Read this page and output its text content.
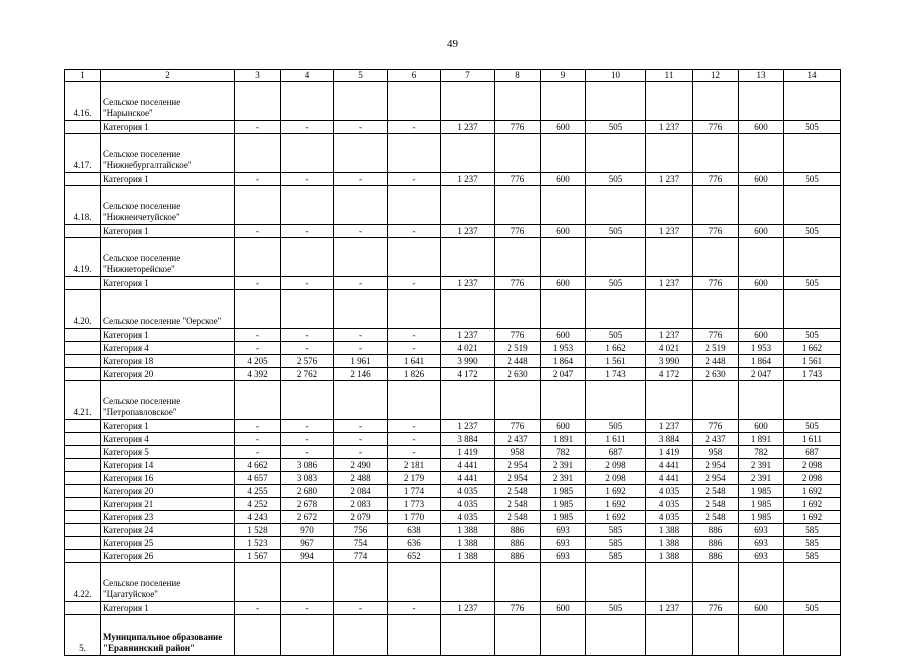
49
1	2	3	4	5	6	7	8	9	10	11	12	13	14
4.16.	Сельское поселение "Нарынское"												
	Категория 1	-	-	-	-	1 237	776	600	505	1 237	776	600	505
4.17.	Сельское поселение "Нижнебургалтайское"												
	Категория 1	-	-	-	-	1 237	776	600	505	1 237	776	600	505
4.18.	Сельское поселение "Нижнеичетуйское"												
	Категория 1	-	-	-	-	1 237	776	600	505	1 237	776	600	505
4.19.	Сельское поселение "Нижнеторейское"												
	Категория 1	-	-	-	-	1 237	776	600	505	1 237	776	600	505
4.20.	Сельское поселение "Оерское"												
	Категория 1	-	-	-	-	1 237	776	600	505	1 237	776	600	505
	Категория 4	-	-	-	-	4 021	2 519	1 953	1 662	4 021	2 519	1 953	1 662
	Категория 18	4 205	2 576	1 961	1 641	3 990	2 448	1 864	1 561	3 990	2 448	1 864	1 561
	Категория 20	4 392	2 762	2 146	1 826	4 172	2 630	2 047	1 743	4 172	2 630	2 047	1 743
4.21.	Сельское поселение "Петропавловское"												
	Категория 1	-	-	-	-	1 237	776	600	505	1 237	776	600	505
	Категория 4	-	-	-	-	3 884	2 437	1 891	1 611	3 884	2 437	1 891	1 611
	Категория 5	-	-	-	-	1 419	958	782	687	1 419	958	782	687
	Категория 14	4 662	3 086	2 490	2 181	4 441	2 954	2 391	2 098	4 441	2 954	2 391	2 098
	Категория 16	4 657	3 083	2 488	2 179	4 441	2 954	2 391	2 098	4 441	2 954	2 391	2 098
	Категория 20	4 255	2 680	2 084	1 774	4 035	2 548	1 985	1 692	4 035	2 548	1 985	1 692
	Категория 21	4 252	2 678	2 083	1 773	4 035	2 548	1 985	1 692	4 035	2 548	1 985	1 692
	Категория 23	4 243	2 672	2 079	1 770	4 035	2 548	1 985	1 692	4 035	2 548	1 985	1 692
	Категория 24	1 528	970	756	638	1 388	886	693	585	1 388	886	693	585
	Категория 25	1 523	967	754	636	1 388	886	693	585	1 388	886	693	585
	Категория 26	1 567	994	774	652	1 388	886	693	585	1 388	886	693	585
4.22.	Сельское поселение "Цагатуйское"												
	Категория 1	-	-	-	-	1 237	776	600	505	1 237	776	600	505
5.	Муниципальное образование "Еравнинский район"												
